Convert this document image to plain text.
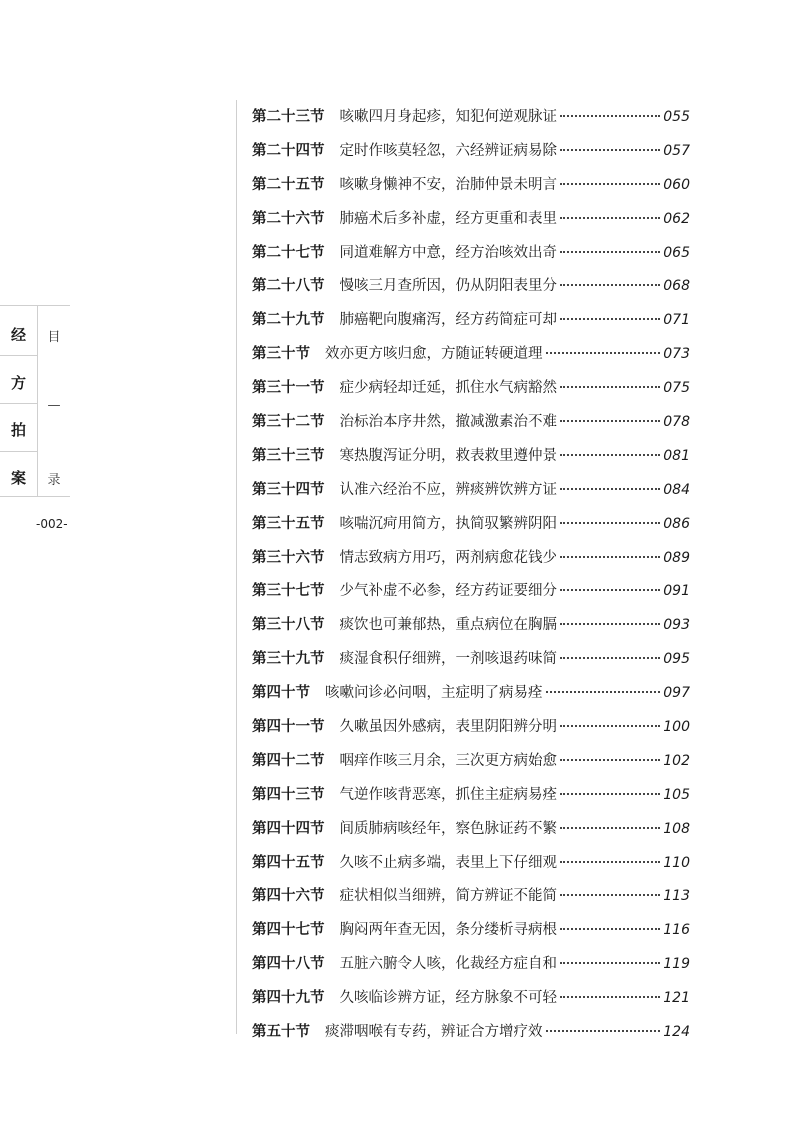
经
方
拍
案
目
—
录
-002-
第二十三节 咳嗽四月身起疹，知犯何逆观脉证	055
第二十四节 定时作咳莫轻忽，六经辨证病易除	057
第二十五节 咳嗽身懒神不安，治肺仲景未明言	060
第二十六节 肺癌术后多补虚，经方更重和表里	062
第二十七节 同道难解方中意，经方治咳效出奇	065
第二十八节 慢咳三月查所因，仍从阴阳表里分	068
第二十九节 肺癌靶向腹痛泻，经方药简症可却	071
第三十节 效亦更方咳归愈，方随证转硬道理	073
第三十一节 症少病轻却迁延，抓住水气病豁然	075
第三十二节 治标治本序井然，撤减激素治不难	078
第三十三节 寒热腹泻证分明，救表救里遵仲景	081
第三十四节 认准六经治不应，辨痰辨饮辨方证	084
第三十五节 咳喘沉疴用简方，执简驭繁辨阴阳	086
第三十六节 情志致病方用巧，两剂病愈花钱少	089
第三十七节 少气补虚不必参，经方药证要细分	091
第三十八节 痰饮也可兼郁热，重点病位在胸膈	093
第三十九节 痰湿食积仔细辨，一剂咳退药味简	095
第四十节 咳嗽问诊必问咽，主症明了病易痊	097
第四十一节 久嗽虽因外感病，表里阴阳辨分明	100
第四十二节 咽痒作咳三月余，三次更方病始愈	102
第四十三节 气逆作咳背恶寒，抓住主症病易痊	105
第四十四节 间质肺病咳经年，察色脉证药不繁	108
第四十五节 久咳不止病多端，表里上下仔细观	110
第四十六节 症状相似当细辨，简方辨证不能简	113
第四十七节 胸闷两年查无因，条分缕析寻病根	116
第四十八节 五脏六腑令人咳，化裁经方症自和	119
第四十九节 久咳临诊辨方证，经方脉象不可轻	121
第五十节 痰滞咽喉有专药，辨证合方增疗效	124
